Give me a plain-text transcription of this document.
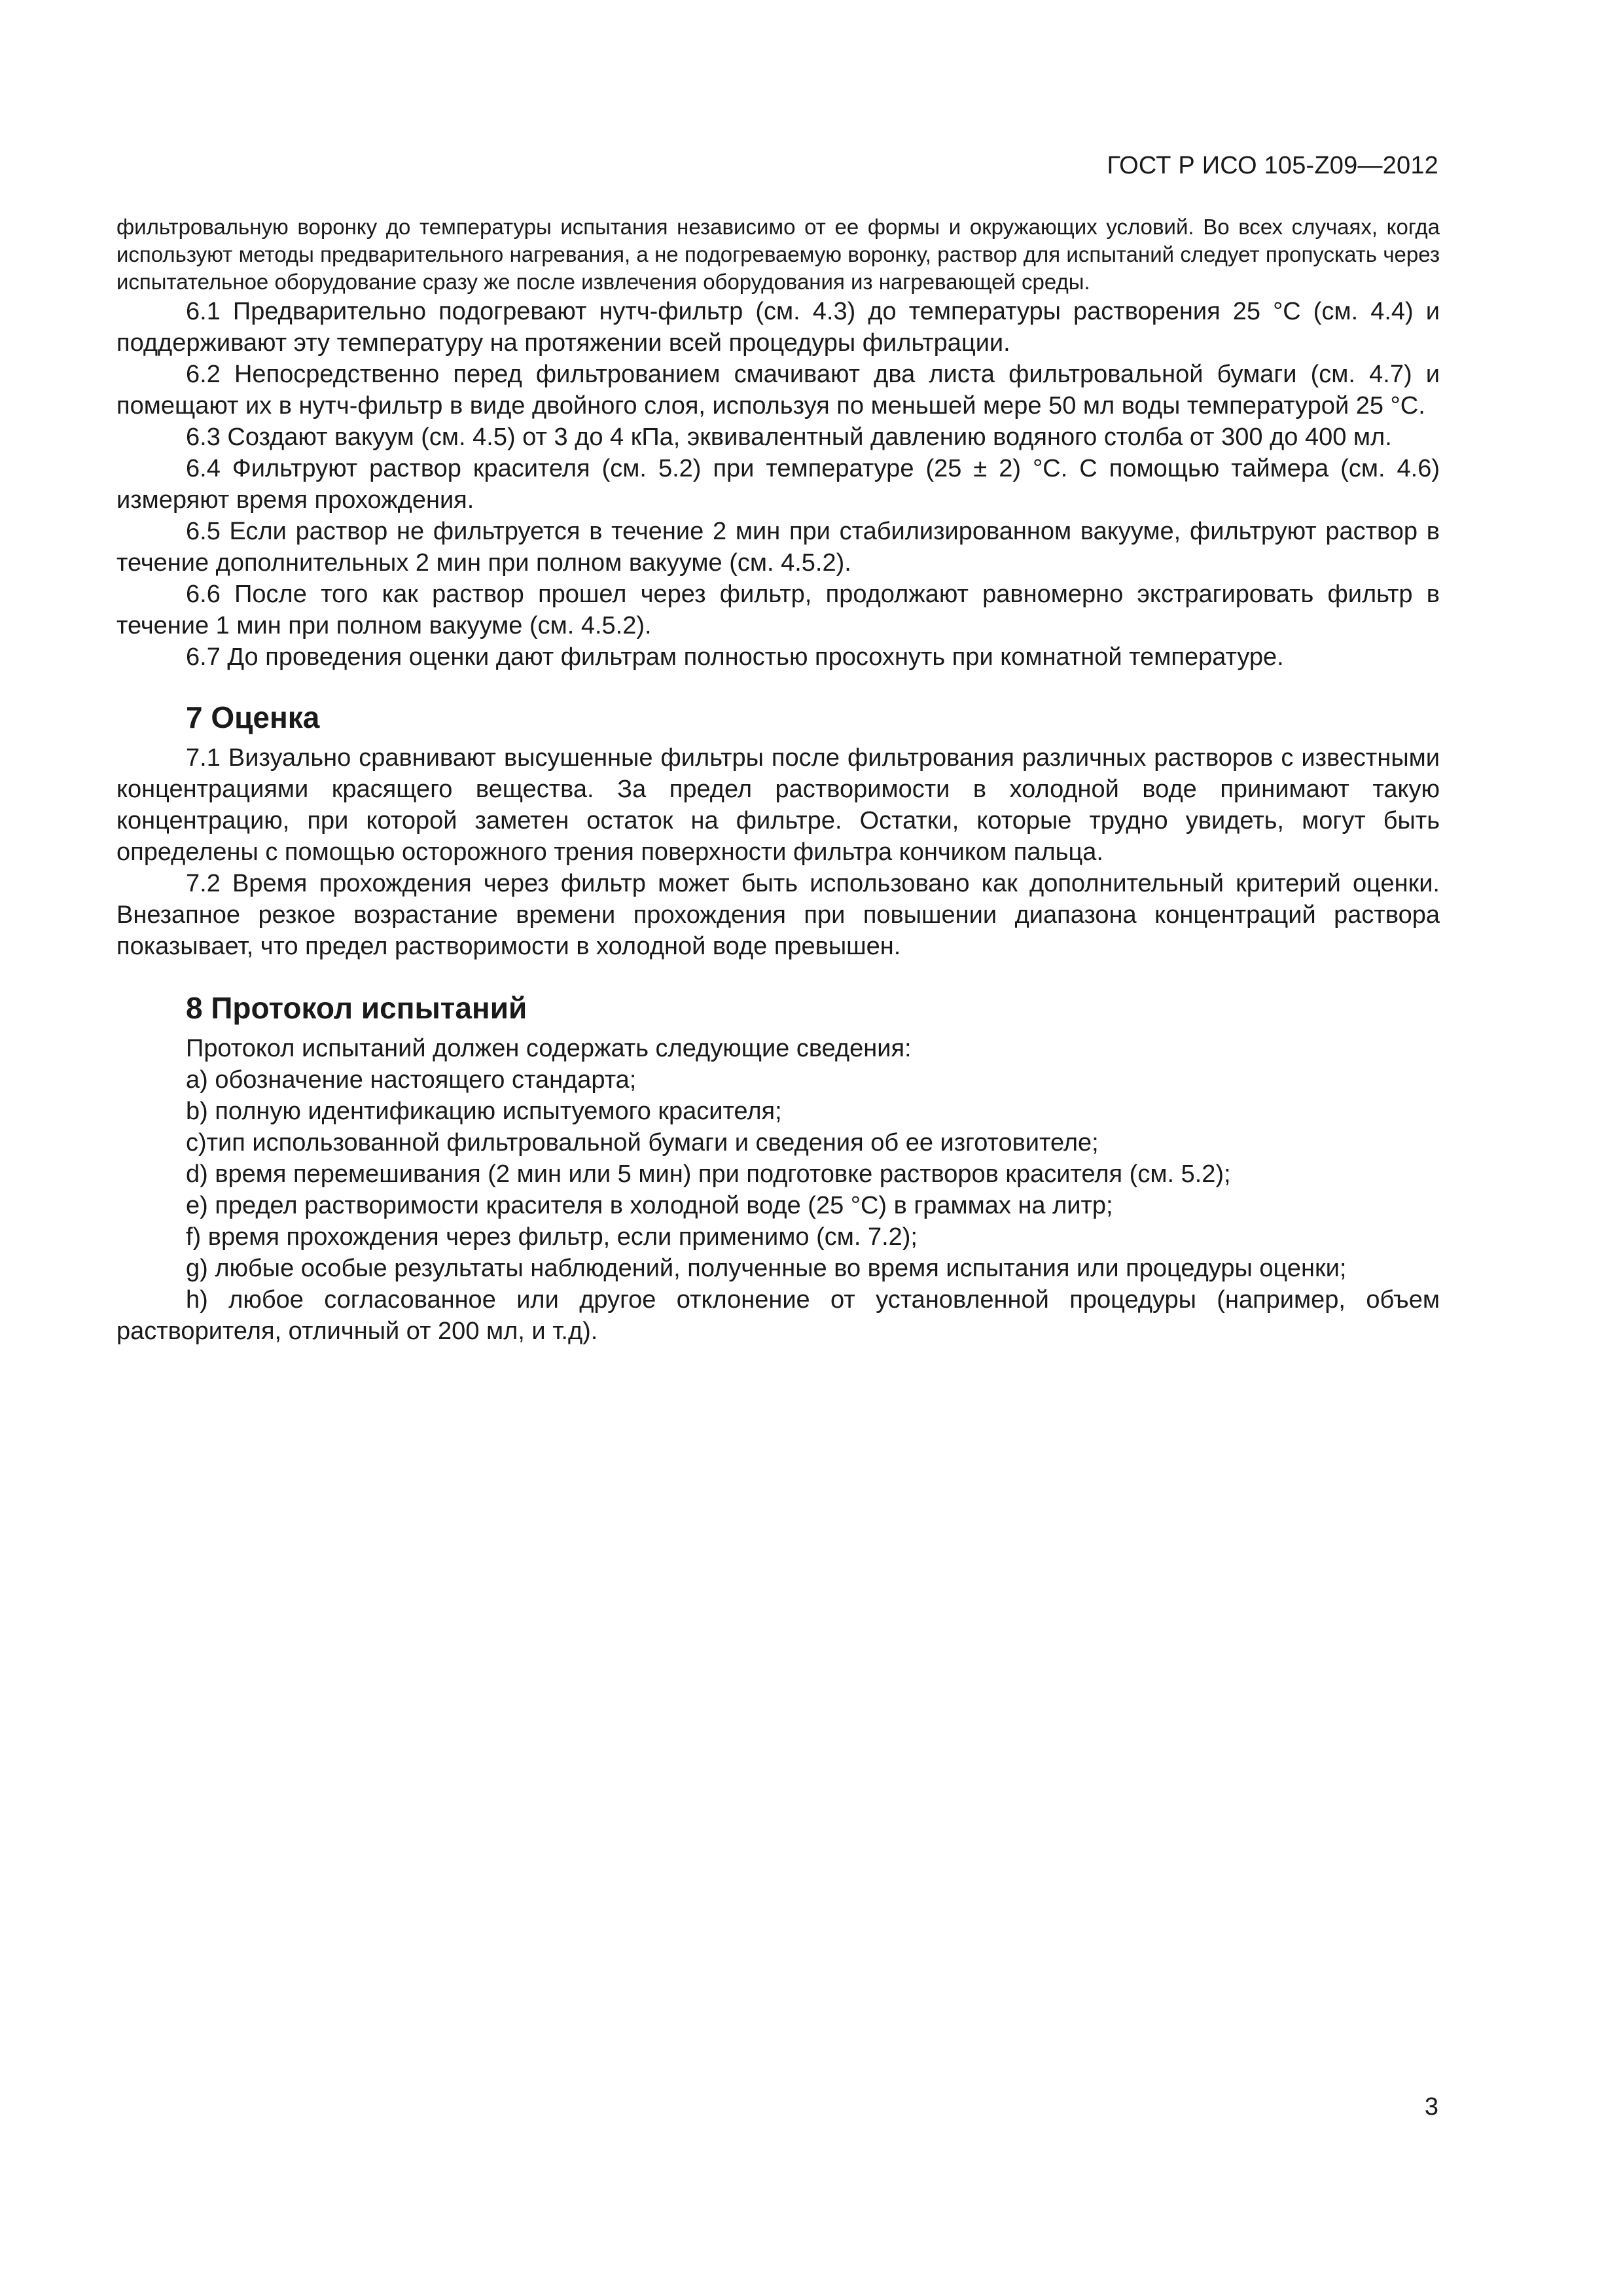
ГОСТ Р ИСО 105-Z09—2012

фильтровальную воронку до температуры испытания независимо от ее формы и окружающих условий. Во всех случаях, когда используют методы предварительного нагревания, а не подогреваемую воронку, раствор для испытаний следует пропускать через испытательное оборудование сразу же после извлечения оборудования из нагревающей среды.

6.1 Предварительно подогревают нутч-фильтр (см. 4.3) до температуры растворения 25 °С (см. 4.4) и поддерживают эту температуру на протяжении всей процедуры фильтрации.

6.2 Непосредственно перед фильтрованием смачивают два листа фильтровальной бумаги (см. 4.7) и помещают их в нутч-фильтр в виде двойного слоя, используя по меньшей мере 50 мл воды температурой 25 °С.

6.3 Создают вакуум (см. 4.5) от 3 до 4 кПа, эквивалентный давлению водяного столба от 300 до 400 мл.

6.4 Фильтруют раствор красителя (см. 5.2) при температуре (25 ± 2) °С. С помощью таймера (см. 4.6) измеряют время прохождения.

6.5 Если раствор не фильтруется в течение 2 мин при стабилизированном вакууме, фильтруют раствор в течение дополнительных 2 мин при полном вакууме (см. 4.5.2).

6.6 После того как раствор прошел через фильтр, продолжают равномерно экстрагировать фильтр в течение 1 мин при полном вакууме (см. 4.5.2).

6.7 До проведения оценки дают фильтрам полностью просохнуть при комнатной температуре.

7 Оценка

7.1 Визуально сравнивают высушенные фильтры после фильтрования различных растворов с известными концентрациями красящего вещества. За предел растворимости в холодной воде принимают такую концентрацию, при которой заметен остаток на фильтре. Остатки, которые трудно увидеть, могут быть определены с помощью осторожного трения поверхности фильтра кончиком пальца.

7.2 Время прохождения через фильтр может быть использовано как дополнительный критерий оценки. Внезапное резкое возрастание времени прохождения при повышении диапазона концентраций раствора показывает, что предел растворимости в холодной воде превышен.

8 Протокол испытаний

Протокол испытаний должен содержать следующие сведения:

а) обозначение настоящего стандарта;

b) полную идентификацию испытуемого красителя;

с)тип использованной фильтровальной бумаги и сведения об ее изготовителе;

d) время перемешивания (2 мин или 5 мин) при подготовке растворов красителя (см. 5.2);

e) предел растворимости красителя в холодной воде (25 °С) в граммах на литр;

f) время прохождения через фильтр, если применимо (см. 7.2);

g) любые особые результаты наблюдений, полученные во время испытания или процедуры оценки;

h) любое согласованное или другое отклонение от установленной процедуры (например, объем растворителя, отличный от 200 мл, и т.д).

3
